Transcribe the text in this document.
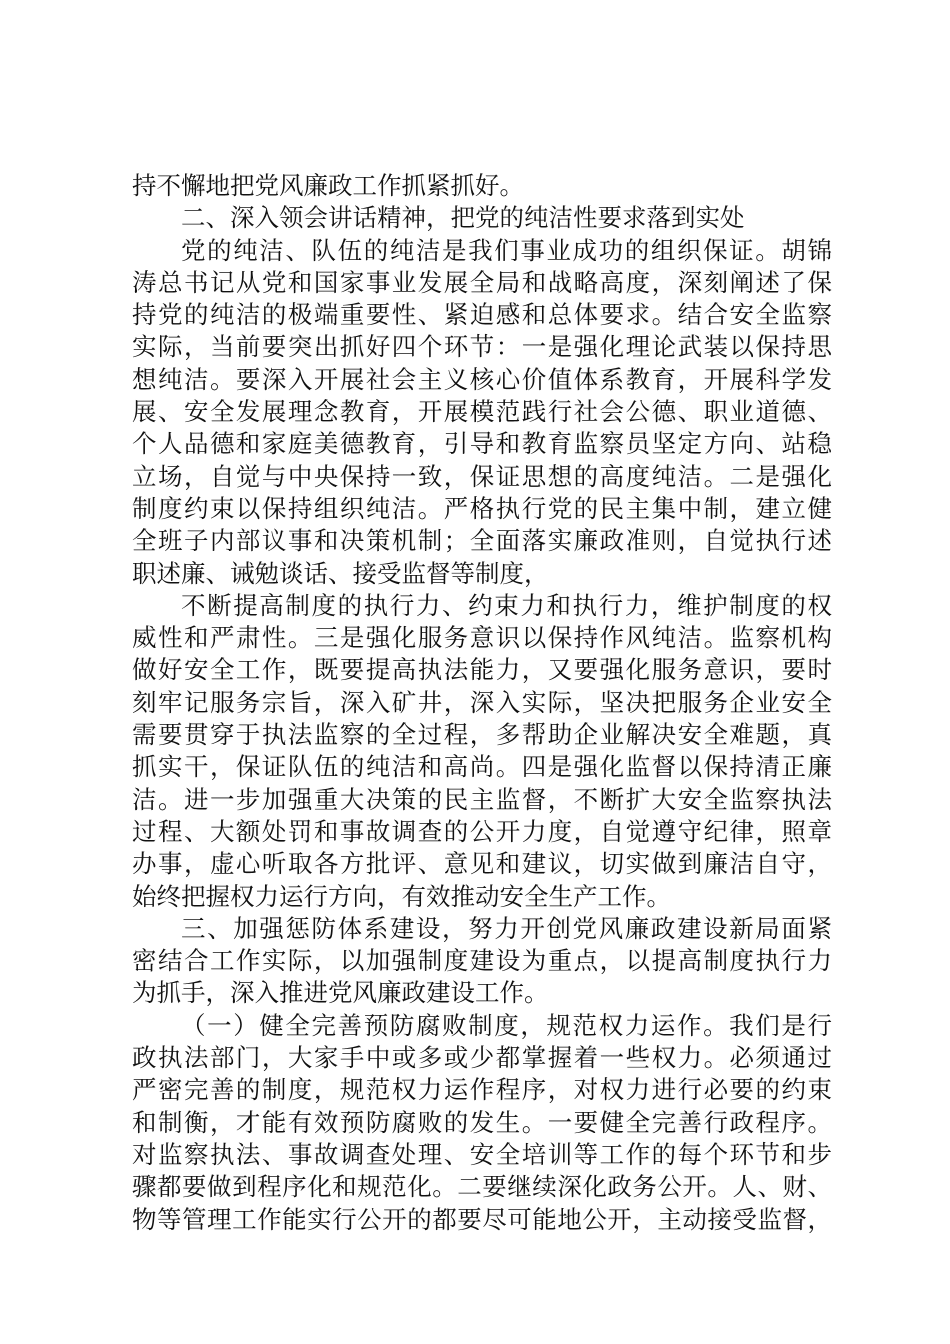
持不懈地把党风廉政工作抓紧抓好。
二、深入领会讲话精神，把党的纯洁性要求落到实处
党的纯洁、队伍的纯洁是我们事业成功的组织保证。胡锦
涛总书记从党和国家事业发展全局和战略高度，深刻阐述了保
持党的纯洁的极端重要性、紧迫感和总体要求。结合安全监察
实际，当前要突出抓好四个环节：一是强化理论武装以保持思
想纯洁。要深入开展社会主义核心价值体系教育，开展科学发
展、安全发展理念教育，开展模范践行社会公德、职业道德、
个人品德和家庭美德教育，引导和教育监察员坚定方向、站稳
立场，自觉与中央保持一致，保证思想的高度纯洁。二是强化
制度约束以保持组织纯洁。严格执行党的民主集中制，建立健
全班子内部议事和决策机制；全面落实廉政准则，自觉执行述
职述廉、诫勉谈话、接受监督等制度，
不断提高制度的执行力、约束力和执行力，维护制度的权
威性和严肃性。三是强化服务意识以保持作风纯洁。监察机构
做好安全工作，既要提高执法能力，又要强化服务意识，要时
刻牢记服务宗旨，深入矿井，深入实际，坚决把服务企业安全
需要贯穿于执法监察的全过程，多帮助企业解决安全难题，真
抓实干，保证队伍的纯洁和高尚。四是强化监督以保持清正廉
洁。进一步加强重大决策的民主监督，不断扩大安全监察执法
过程、大额处罚和事故调查的公开力度，自觉遵守纪律，照章
办事，虚心听取各方批评、意见和建议，切实做到廉洁自守，
始终把握权力运行方向，有效推动安全生产工作。
三、加强惩防体系建设，努力开创党风廉政建设新局面紧
密结合工作实际，以加强制度建设为重点，以提高制度执行力
为抓手，深入推进党风廉政建设工作。
（一）健全完善预防腐败制度，规范权力运作。我们是行
政执法部门，大家手中或多或少都掌握着一些权力。必须通过
严密完善的制度，规范权力运作程序，对权力进行必要的约束
和制衡，才能有效预防腐败的发生。一要健全完善行政程序。
对监察执法、事故调查处理、安全培训等工作的每个环节和步
骤都要做到程序化和规范化。二要继续深化政务公开。人、财、
物等管理工作能实行公开的都要尽可能地公开，主动接受监督，
